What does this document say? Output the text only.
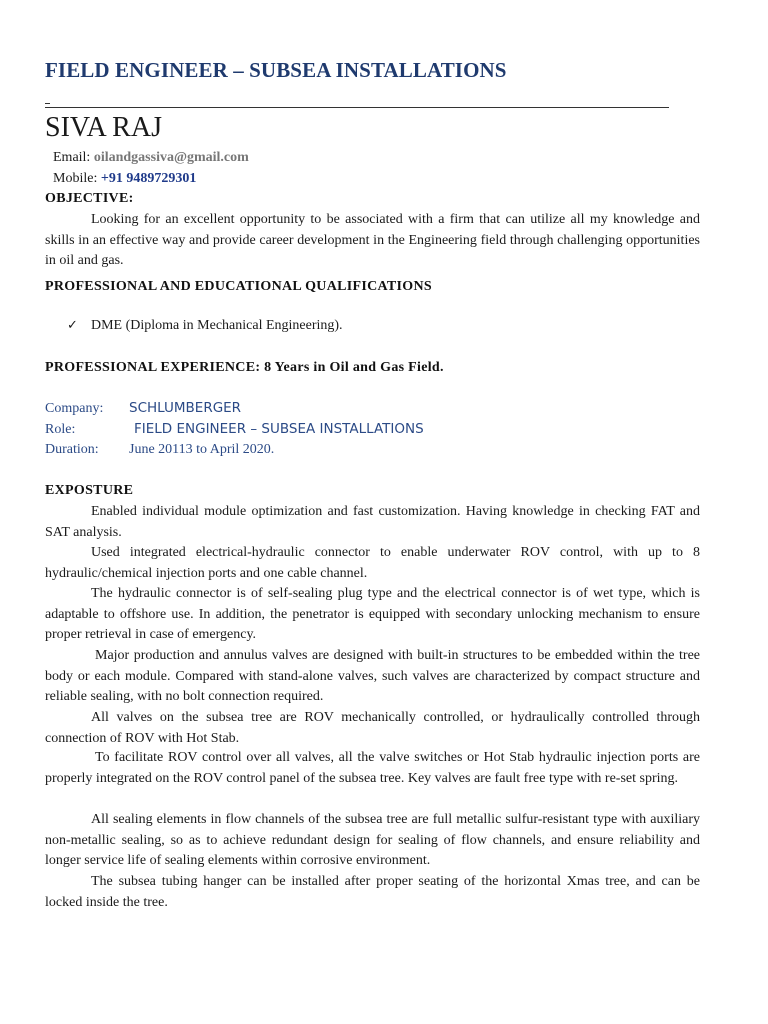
FIELD ENGINEER – SUBSEA INSTALLATIONS
SIVA RAJ
Email: oilandgassiva@gmail.com
Mobile: +91 9489729301
OBJECTIVE:
Looking for an excellent opportunity to be associated with a firm that can utilize all my knowledge and skills in an effective way and provide career development in the Engineering field through challenging opportunities in oil and gas.
PROFESSIONAL AND EDUCATIONAL QUALIFICATIONS
✓ DME (Diploma in Mechanical Engineering).
PROFESSIONAL EXPERIENCE: 8 Years in Oil and Gas Field.
Company: SCHLUMBERGER
Role:	FIELD ENGINEER – SUBSEA INSTALLATIONS
Duration: June 20113 to April 2020.
EXPOSTURE
Enabled individual module optimization and fast customization. Having knowledge in checking FAT and SAT analysis.
Used integrated electrical-hydraulic connector to enable underwater ROV control, with up to 8 hydraulic/chemical injection ports and one cable channel.
The hydraulic connector is of self-sealing plug type and the electrical connector is of wet type, which is adaptable to offshore use. In addition, the penetrator is equipped with secondary unlocking mechanism to ensure proper retrieval in case of emergency.
Major production and annulus valves are designed with built-in structures to be embedded within the tree body or each module. Compared with stand-alone valves, such valves are characterized by compact structure and reliable sealing, with no bolt connection required.
All valves on the subsea tree are ROV mechanically controlled, or hydraulically controlled through connection of ROV with Hot Stab.
To facilitate ROV control over all valves, all the valve switches or Hot Stab hydraulic injection ports are properly integrated on the ROV control panel of the subsea tree. Key valves are fault free type with re-set spring.
All sealing elements in flow channels of the subsea tree are full metallic sulfur-resistant type with auxiliary non-metallic sealing, so as to achieve redundant design for sealing of flow channels, and ensure reliability and longer service life of sealing elements within corrosive environment.
The subsea tubing hanger can be installed after proper seating of the horizontal Xmas tree, and can be locked inside the tree.
